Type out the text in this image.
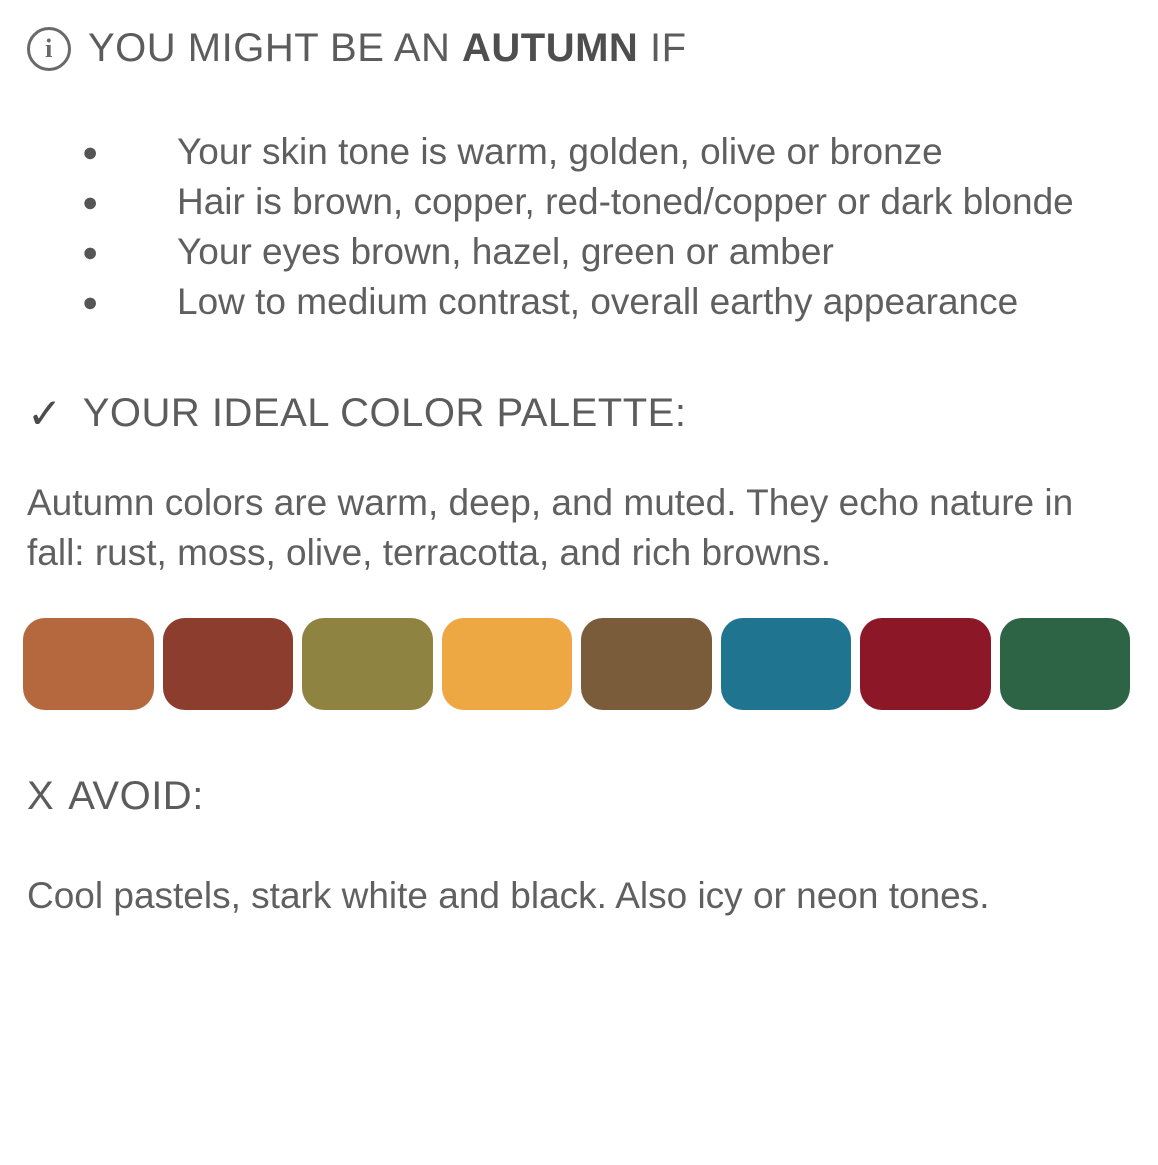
i YOU MIGHT BE AN AUTUMN IF
●	Your skin tone is warm, golden, olive or bronze
●	Hair is brown, copper, red-toned/copper or dark blonde
●	Your eyes brown, hazel, green or amber
●	Low to medium contrast, overall earthy appearance
✓ YOUR IDEAL COLOR PALETTE:
Autumn colors are warm, deep, and muted. They echo nature in fall: rust, moss, olive, terracotta, and rich browns.
X AVOID:
Cool pastels, stark white and black. Also icy or neon tones.
